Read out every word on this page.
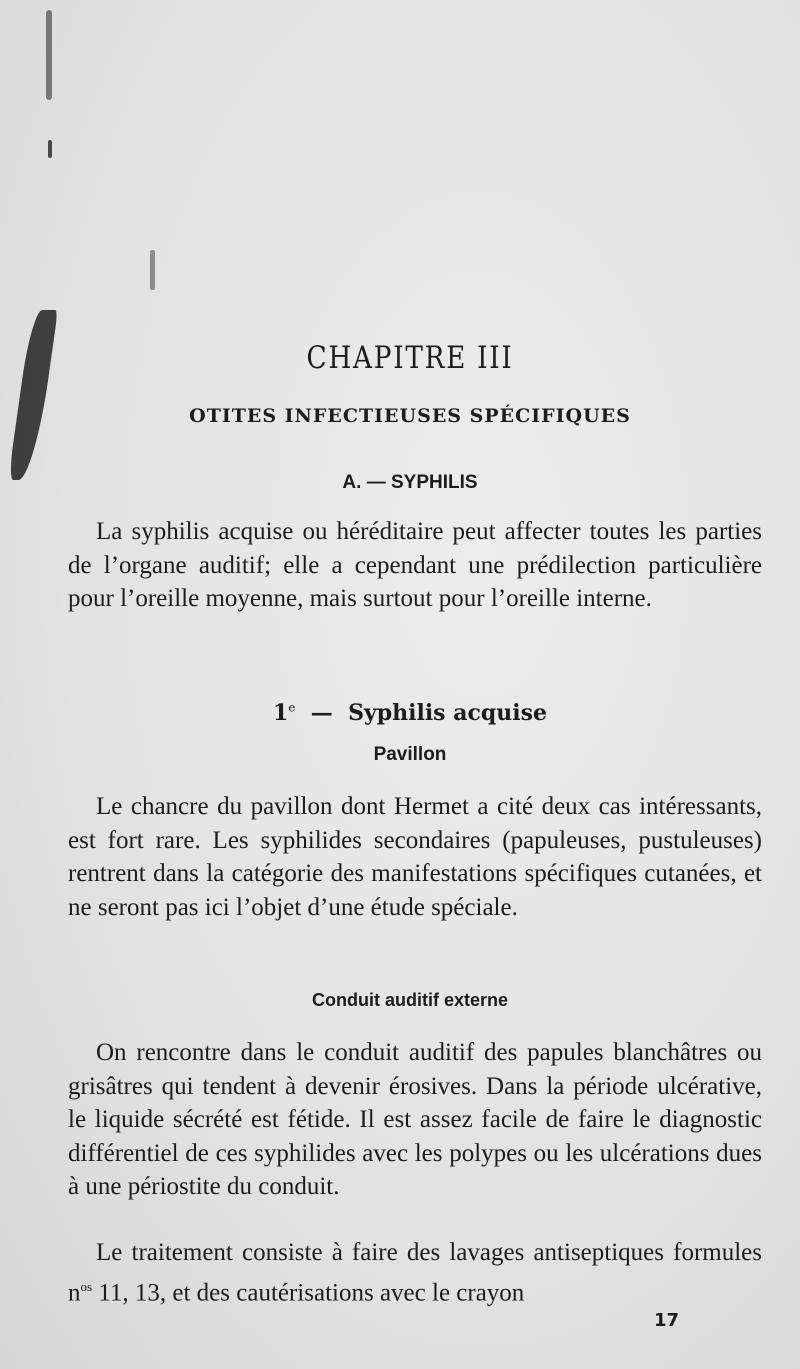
CHAPITRE III
OTITES INFECTIEUSES SPÉCIFIQUES
A. — SYPHILIS

La syphilis acquise ou héréditaire peut affecter toutes les parties de l’organe auditif; elle a cependant une prédilection particulière pour l’oreille moyenne, mais surtout pour l’oreille interne.

1e — Syphilis acquise
Pavillon

Le chancre du pavillon dont Hermet a cité deux cas intéressants, est fort rare. Les syphilides secondaires (papuleuses, pustuleuses) rentrent dans la catégorie des manifestations spécifiques cutanées, et ne seront pas ici l’objet d’une étude spéciale.

Conduit auditif externe

On rencontre dans le conduit auditif des papules blanchâtres ou grisâtres qui tendent à devenir érosives. Dans la période ulcérative, le liquide sécrété est fétide. Il est assez facile de faire le diagnostic différentiel de ces syphilides avec les polypes ou les ulcérations dues à une périostite du conduit.

Le traitement consiste à faire des lavages antiseptiques formules $n^{os}$ 11, 13, et des cautérisations avec le crayon

17
